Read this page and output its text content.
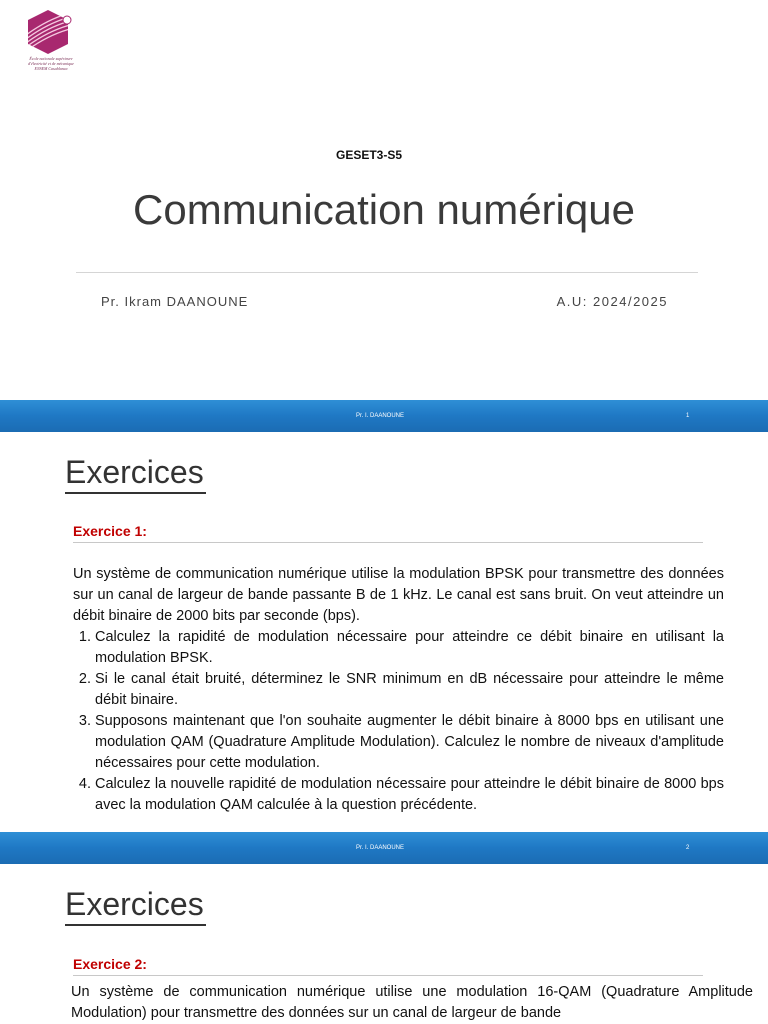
École nationale supérieure
d'électricité et de mécanique
ENSEM Casablanca
GESET3-S5
Communication numérique
Pr. Ikram DAANOUNE	A.U: 2024/2025
Pr. I. DAANOUNE	1
Exercices
Exercice 1:

Un système de communication numérique utilise la modulation BPSK pour transmettre des données sur un canal de largeur de bande passante B de 1 kHz. Le canal est sans bruit. On veut atteindre un débit binaire de 2000 bits par seconde (bps).

1. Calculez la rapidité de modulation nécessaire pour atteindre ce débit binaire en utilisant la modulation BPSK.
2. Si le canal était bruité, déterminez le SNR minimum en dB nécessaire pour atteindre le même débit binaire.
3. Supposons maintenant que l'on souhaite augmenter le débit binaire à 8000 bps en utilisant une modulation QAM (Quadrature Amplitude Modulation). Calculez le nombre de niveaux d'amplitude nécessaires pour cette modulation.
4. Calculez la nouvelle rapidité de modulation nécessaire pour atteindre le débit binaire de 8000 bps avec la modulation QAM calculée à la question précédente.
Pr. I. DAANOUNE	2
Exercices
Exercice 2:

Un système de communication numérique utilise une modulation 16-QAM (Quadrature Amplitude Modulation) pour transmettre des données sur un canal de largeur de bande
